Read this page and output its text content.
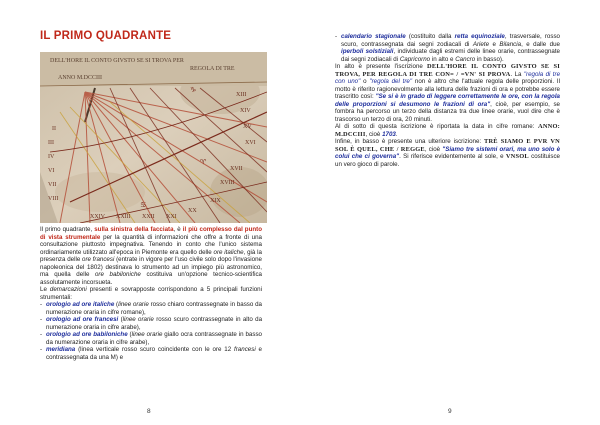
IL PRIMO QUADRANTE
DELL'HORE IL CONTO GIVSTO SE SI TROVA PER
REGOLA DI TRE
ANNO M.DCCIII
XIII
XIV
XV
XVI
XVII
XVIII
XIX
XX
XXI
XXII
XXIII
XXIV
II
III
IV
VI
VII
VIII
♑
♈
♋

Il primo quadrante, sulla sinistra della facciata, è il più complesso dal punto di vista strumentale per la quantità di informazioni che offre a fronte di una consultazione piuttosto impegnativa. Tenendo in conto che l'unico sistema ordinariamente utilizzato all'epoca in Piemonte era quello delle ore italiche, già la presenza delle ore francesi (entrate in vigore per l'uso civile solo dopo l'invasione napoleonica del 1802) destinava lo strumento ad un impiego più astronomico, ma quella delle ore babiloniche costituiva un'opzione tecnico-scientifica assolutamente incorsueta.

Le demarcazioni presenti e sovrapposte corrispondono a 5 principali funzioni strumentali:

- orologio ad ore italiche (linee orarie rosso chiaro contrassegnate in basso da numerazione oraria in cifre romane),

- orologio ad ore francesi (linee orarie rosso scuro contrassegnate in alto da numerazione oraria in cifre arabe),

- orologio ad ore babiloniche (linee orarie giallo ocra contrassegnate in basso da numerazione oraria in cifre arabe),

- meridiana (linea verticale rosso scuro coincidente con le ore 12 francesi e contrassegnata da una M) e

8

- calendario stagionale (costituito dalla retta equinoziale, trasversale, rosso scuro, contrassegnata dai segni zodiacali di Ariete e Bilancia, e dalle due iperboli solstiziali, individuate dagli estremi delle linee orarie, contrassegnate dai segni zodiacali di Capricorno in alto e Cancro in basso).

In alto è presente l'iscrizione DELL'HORE IL CONTO GIVSTO SE SI TROVA, PER REGOLA DI TRE CON= / =VN' SI PROVA. La "regola di tre con uno" o "regola del tre" non è altro che l'attuale regola delle proporzioni. Il motto è riferito ragionevolmente alla lettura delle frazioni di ora e potrebbe essere trascritto così: "Se si è in grado di leggere correttamente le ore, con la regola delle proporzioni si desumono le frazioni di ora", cioè, per esempio, se fombra ha percorso un terzo della distanza tra due linee orarie, vuol dire che è trascorso un terzo di ora, 20 minuti.

Al di sotto di questa iscrizione è riportata la data in cifre romane: ANNO: M.DCCIII, cioè 1703.

Infine, in basso è presente una ulteriore iscrizione: TRÈ SIAMO E PVR VN SOL È QUEL, CHE / REGGE, cioè "Siamo tre sistemi orari, ma uno solo è colui che ci governa". Si riferisce evidentemente al sole, e VNSOL costituisce un vero gioco di parole.

9
